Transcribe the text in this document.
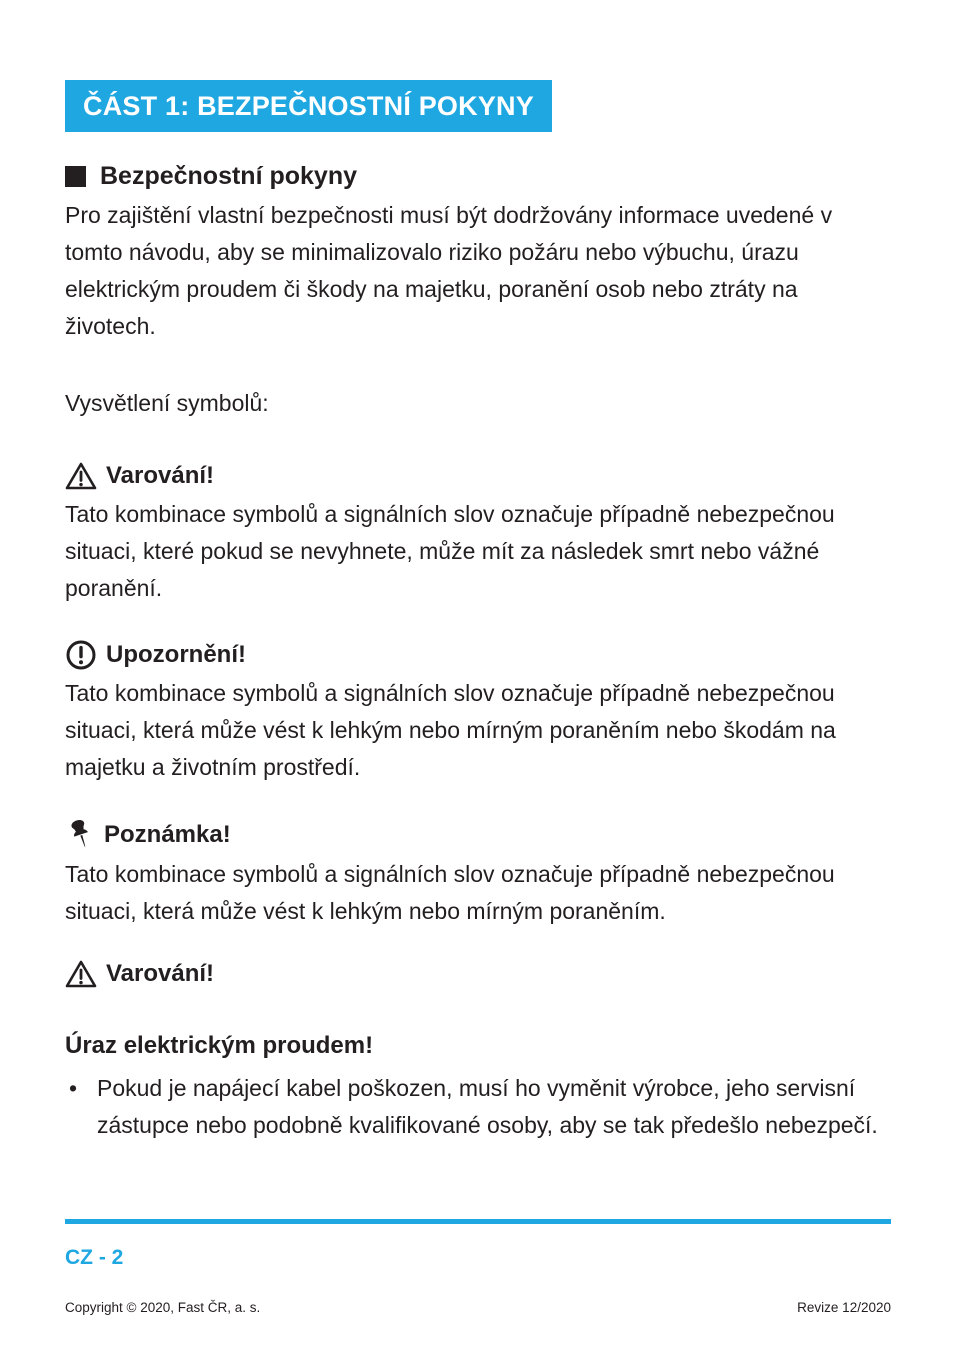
ČÁST 1: BEZPEČNOSTNÍ POKYNY
Bezpečnostní pokyny

Pro zajištění vlastní bezpečnosti musí být dodržovány informace uvedené v tomto návodu, aby se minimalizovalo riziko požáru nebo výbuchu, úrazu elektrickým proudem či škody na majetku, poranění osob nebo ztráty na životech.

Vysvětlení symbolů:
Varování!

Tato kombinace symbolů a signálních slov označuje případně nebezpečnou situaci, které pokud se nevyhnete, může mít za následek smrt nebo vážné poranění.

Upozornění!

Tato kombinace symbolů a signálních slov označuje případně nebezpečnou situaci, která může vést k lehkým nebo mírným poraněním nebo škodám na majetku a životním prostředí.

Poznámka!

Tato kombinace symbolů a signálních slov označuje případně nebezpečnou situaci, která může vést k lehkým nebo mírným poraněním.

Varování!
Úraz elektrickým proudem!
• Pokud je napájecí kabel poškozen, musí ho vyměnit výrobce, jeho servisní zástupce nebo podobně kvalifikované osoby, aby se tak předešlo nebezpečí.
CZ - 2
Copyright © 2020, Fast ČR, a. s.	Revize 12/2020
